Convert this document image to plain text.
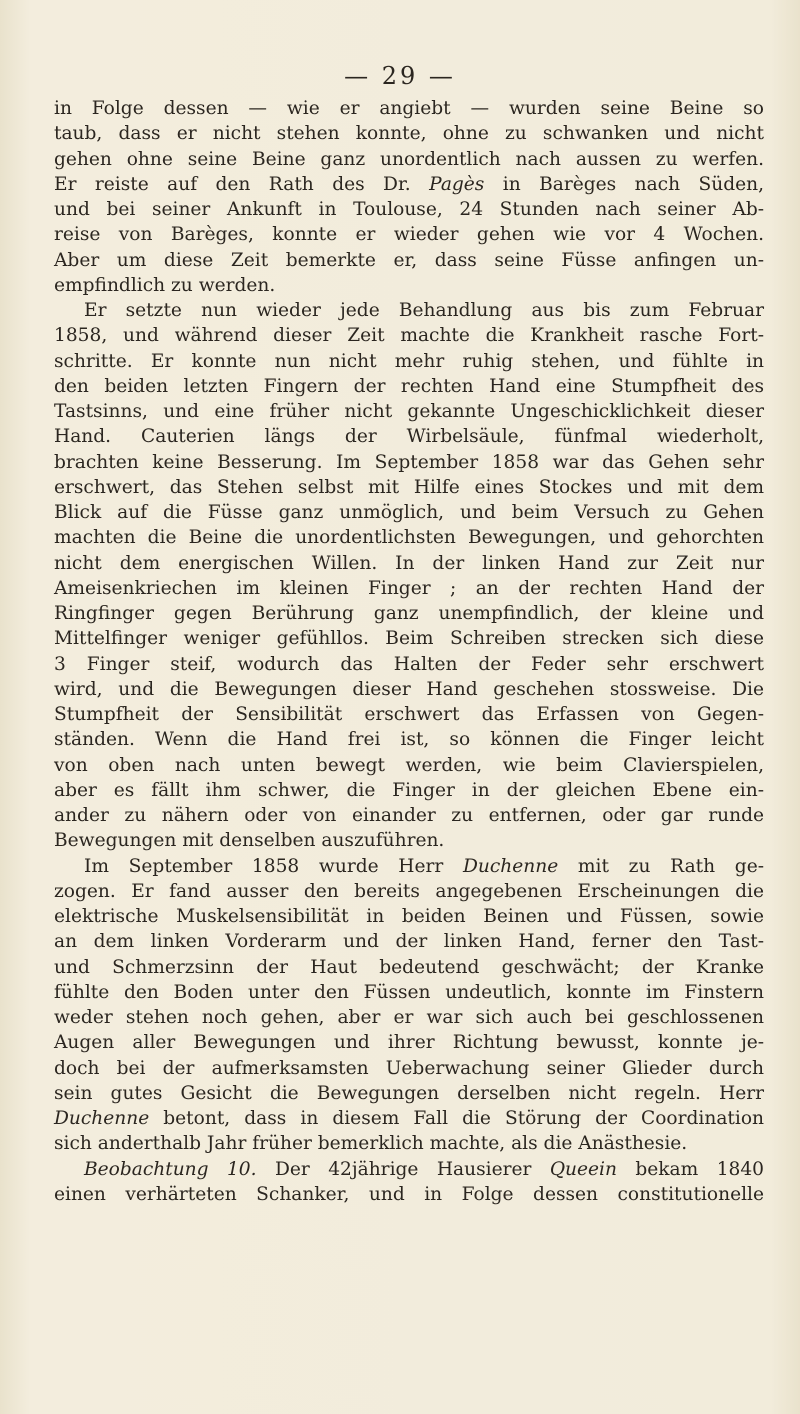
— 29 —
in Folge dessen — wie er angiebt — wurden seine Beine so
taub, dass er nicht stehen konnte, ohne zu schwanken und nicht
gehen ohne seine Beine ganz unordentlich nach aussen zu werfen.
Er reiste auf den Rath des Dr. Pagès in Barèges nach Süden,
und bei seiner Ankunft in Toulouse, 24 Stunden nach seiner Ab-
reise von Barèges, konnte er wieder gehen wie vor 4 Wochen.
Aber um diese Zeit bemerkte er, dass seine Füsse anfingen un-
empfindlich zu werden.
Er setzte nun wieder jede Behandlung aus bis zum Februar
1858, und während dieser Zeit machte die Krankheit rasche Fort-
schritte. Er konnte nun nicht mehr ruhig stehen, und fühlte in
den beiden letzten Fingern der rechten Hand eine Stumpfheit des
Tastsinns, und eine früher nicht gekannte Ungeschicklichkeit dieser
Hand. Cauterien längs der Wirbelsäule, fünfmal wiederholt,
brachten keine Besserung. Im September 1858 war das Gehen sehr
erschwert, das Stehen selbst mit Hilfe eines Stockes und mit dem
Blick auf die Füsse ganz unmöglich, und beim Versuch zu Gehen
machten die Beine die unordentlichsten Bewegungen, und gehorchten
nicht dem energischen Willen. In der linken Hand zur Zeit nur
Ameisenkriechen im kleinen Finger ; an der rechten Hand der
Ringfinger gegen Berührung ganz unempfindlich, der kleine und
Mittelfinger weniger gefühllos. Beim Schreiben strecken sich diese
3 Finger steif, wodurch das Halten der Feder sehr erschwert
wird, und die Bewegungen dieser Hand geschehen stossweise. Die
Stumpfheit der Sensibilität erschwert das Erfassen von Gegen-
ständen. Wenn die Hand frei ist, so können die Finger leicht
von oben nach unten bewegt werden, wie beim Clavierspielen,
aber es fällt ihm schwer, die Finger in der gleichen Ebene ein-
ander zu nähern oder von einander zu entfernen, oder gar runde
Bewegungen mit denselben auszuführen.
Im September 1858 wurde Herr Duchenne mit zu Rath ge-
zogen. Er fand ausser den bereits angegebenen Erscheinungen die
elektrische Muskelsensibilität in beiden Beinen und Füssen, sowie
an dem linken Vorderarm und der linken Hand, ferner den Tast-
und Schmerzsinn der Haut bedeutend geschwächt; der Kranke
fühlte den Boden unter den Füssen undeutlich, konnte im Finstern
weder stehen noch gehen, aber er war sich auch bei geschlossenen
Augen aller Bewegungen und ihrer Richtung bewusst, konnte je-
doch bei der aufmerksamsten Ueberwachung seiner Glieder durch
sein gutes Gesicht die Bewegungen derselben nicht regeln. Herr
Duchenne betont, dass in diesem Fall die Störung der Coordination
sich anderthalb Jahr früher bemerklich machte, als die Anästhesie.
Beobachtung 10. Der 42jährige Hausierer Queein bekam 1840
einen verhärteten Schanker, und in Folge dessen constitutionelle
